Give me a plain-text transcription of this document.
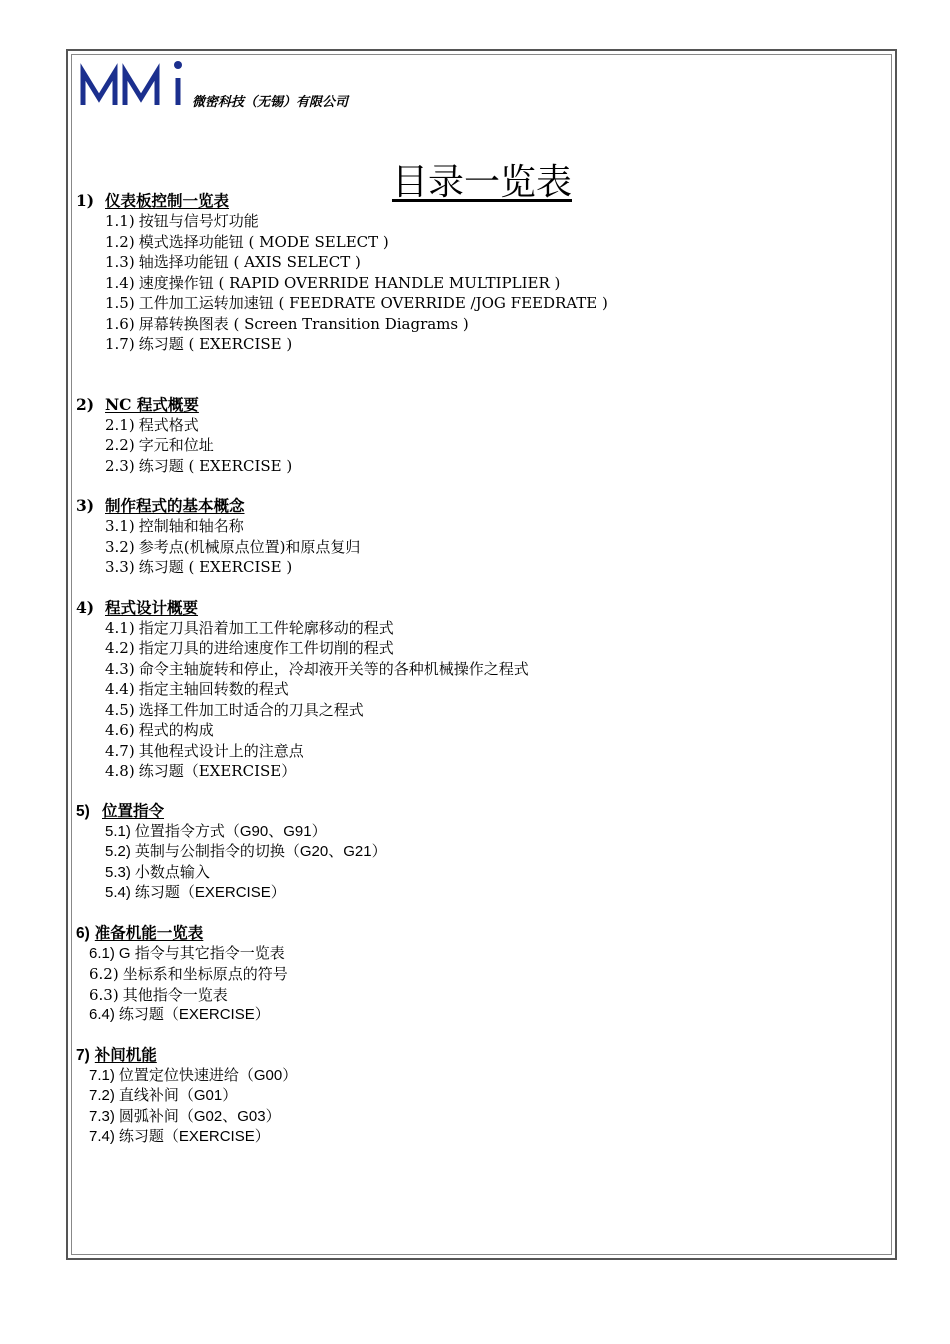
微密科技（无锡）有限公司
目录一览表
1) 仪表板控制一览表
1.1) 按钮与信号灯功能
1.2) 模式选择功能钮 ( MODE SELECT )
1.3) 轴选择功能钮 ( AXIS SELECT )
1.4) 速度操作钮 ( RAPID OVERRIDE HANDLE MULTIPLIER )
1.5) 工件加工运转加速钮 ( FEEDRATE OVERRIDE /JOG FEEDRATE )
1.6) 屏幕转换图表 ( Screen Transition Diagrams )
1.7) 练习题 ( EXERCISE )
2) NC 程式概要
2.1) 程式格式
2.2) 字元和位址
2.3) 练习题 ( EXERCISE )
3) 制作程式的基本概念
3.1) 控制轴和轴名称
3.2) 参考点(机械原点位置)和原点复归
3.3) 练习题 ( EXERCISE )
4) 程式设计概要
4.1) 指定刀具沿着加工工件轮廓移动的程式
4.2) 指定刀具的进给速度作工件切削的程式
4.3) 命令主轴旋转和停止，冷却液开关等的各种机械操作之程式
4.4) 指定主轴回转数的程式
4.5) 选择工件加工时适合的刀具之程式
4.6) 程式的构成
4.7) 其他程式设计上的注意点
4.8) 练习题（EXERCISE）
5) 位置指令
5.1) 位置指令方式（G90、G91）
5.2) 英制与公制指令的切换（G20、G21）
5.3) 小数点输入
5.4) 练习题（EXERCISE）
6) 准备机能一览表
6.1) G 指令与其它指令一览表
6.2) 坐标系和坐标原点的符号
6.3) 其他指令一览表
6.4) 练习题（EXERCISE）
7) 补间机能
7.1) 位置定位快速进给（G00）
7.2) 直线补间（G01）
7.3) 圆弧补间（G02、G03）
7.4) 练习题（EXERCISE）
